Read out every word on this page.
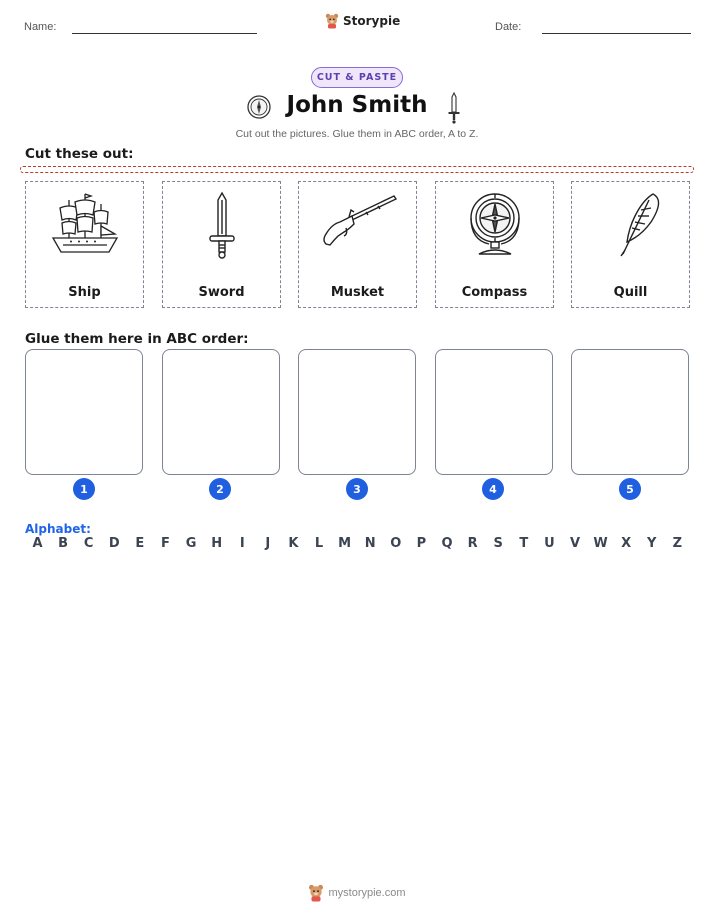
Name:	Storypie	Date:
CUT & PASTE
John Smith
Cut out the pictures. Glue them in ABC order, A to Z.
Cut these out:
Ship	Sword	Musket	Compass	Quill
Glue them here in ABC order:
1	2	3	4	5
Alphabet:
A	B	C	D	E	F	G	H	I	J	K	L	M	N	O	P	Q	R	S	T	U	V	W	X	Y	Z
mystorypie.com
